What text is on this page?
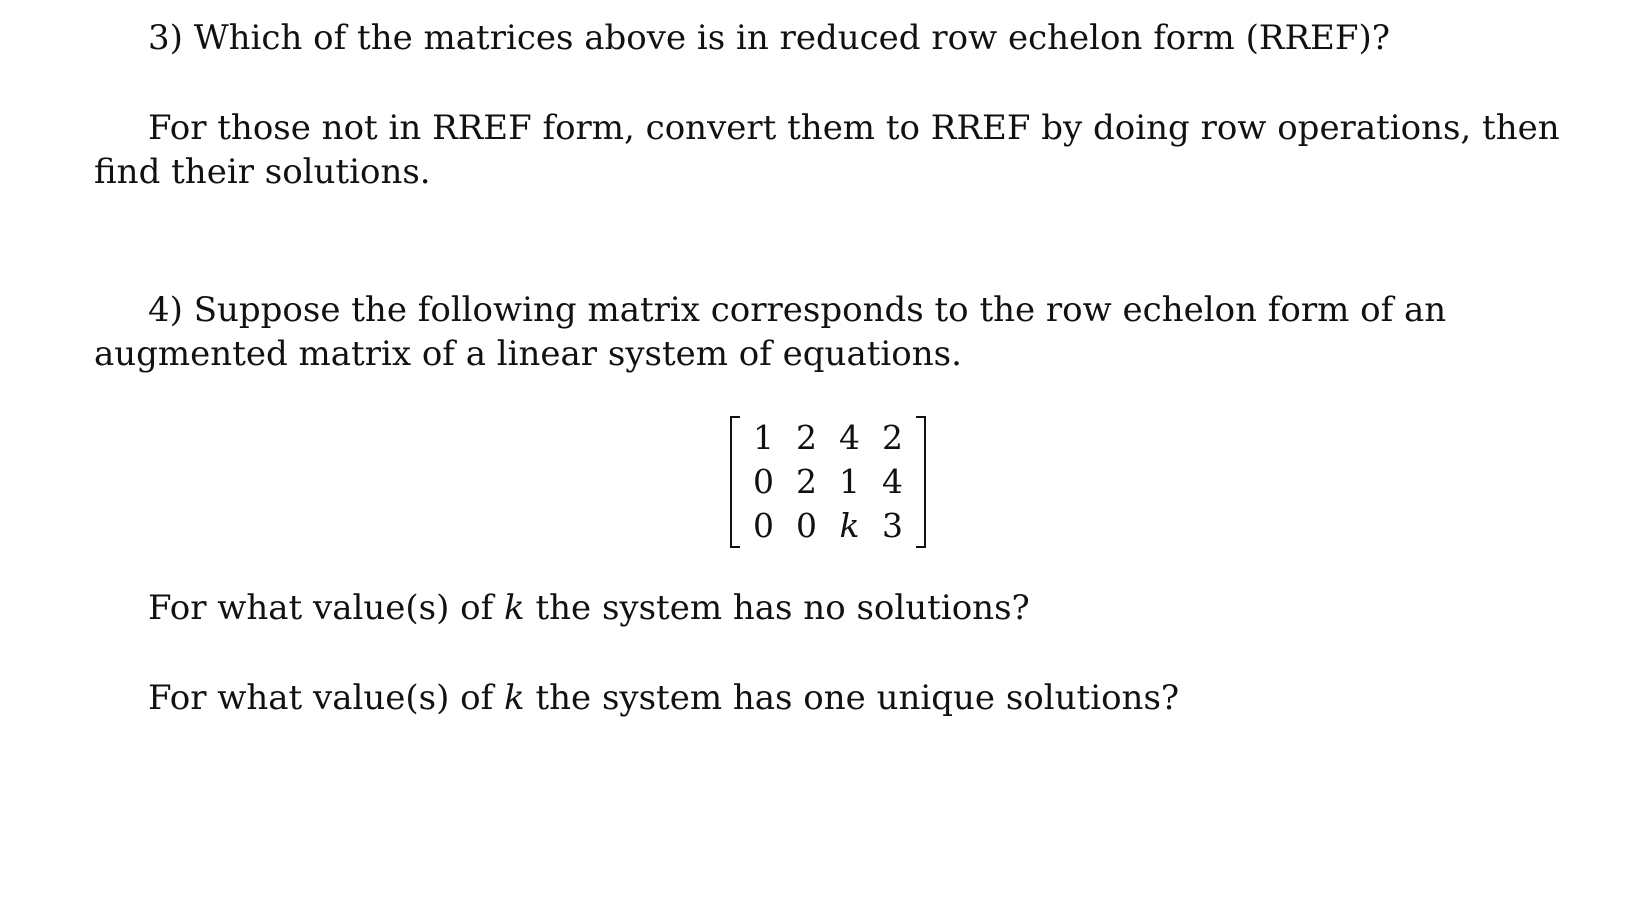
3) Which of the matrices above is in reduced row echelon form (RREF)?
For those not in RREF form, convert them to RREF by doing row operations, then find their solutions.
4) Suppose the following matrix corresponds to the row echelon form of an augmented matrix of a linear system of equations.
1 2 4 2
0 2 1 4
0 0 k 3
For what value(s) of k the system has no solutions?
For what value(s) of k the system has one unique solutions?
